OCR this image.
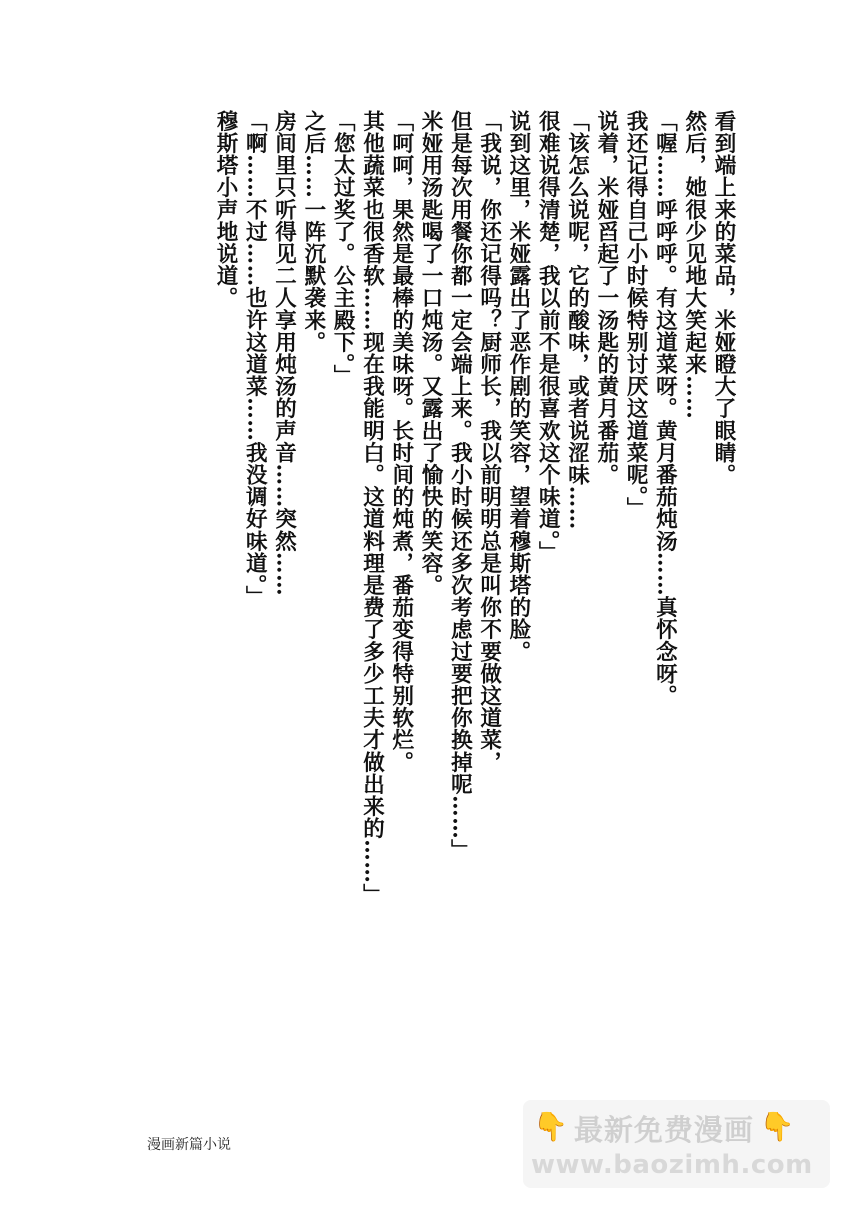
看到端上来的菜品，米娅瞪大了眼睛。
然后，她很少见地大笑起来……
「喔……呼呼呼。有这道菜呀。黄月番茄炖汤……真怀念呀。
我还记得自己小时候特别讨厌这道菜呢。」
说着，米娅舀起了一汤匙的黄月番茄。
「该怎么说呢，它的酸味，或者说涩味……
很难说得清楚，我以前不是很喜欢这个味道。」
说到这里，米娅露出了恶作剧的笑容，望着穆斯塔的脸。
「我说，你还记得吗？厨师长，我以前明明总是叫你不要做这道菜，
但是每次用餐你都一定会端上来。我小时候还多次考虑过要把你换掉呢……」
米娅用汤匙喝了一口炖汤。又露出了愉快的笑容。
「呵呵，果然是最棒的美味呀。长时间的炖煮，番茄变得特别软烂。
其他蔬菜也很香软……现在我能明白。这道料理是费了多少工夫才做出来的……」
「您太过奖了。公主殿下。」
之后……一阵沉默袭来。
房间里只听得见二人享用炖汤的声音……突然……
「啊……不过……也许这道菜……我没调好味道。」
穆斯塔小声地说道。
漫画新篇小说
👇 最新免费漫画 👇
www.baozimh.com
